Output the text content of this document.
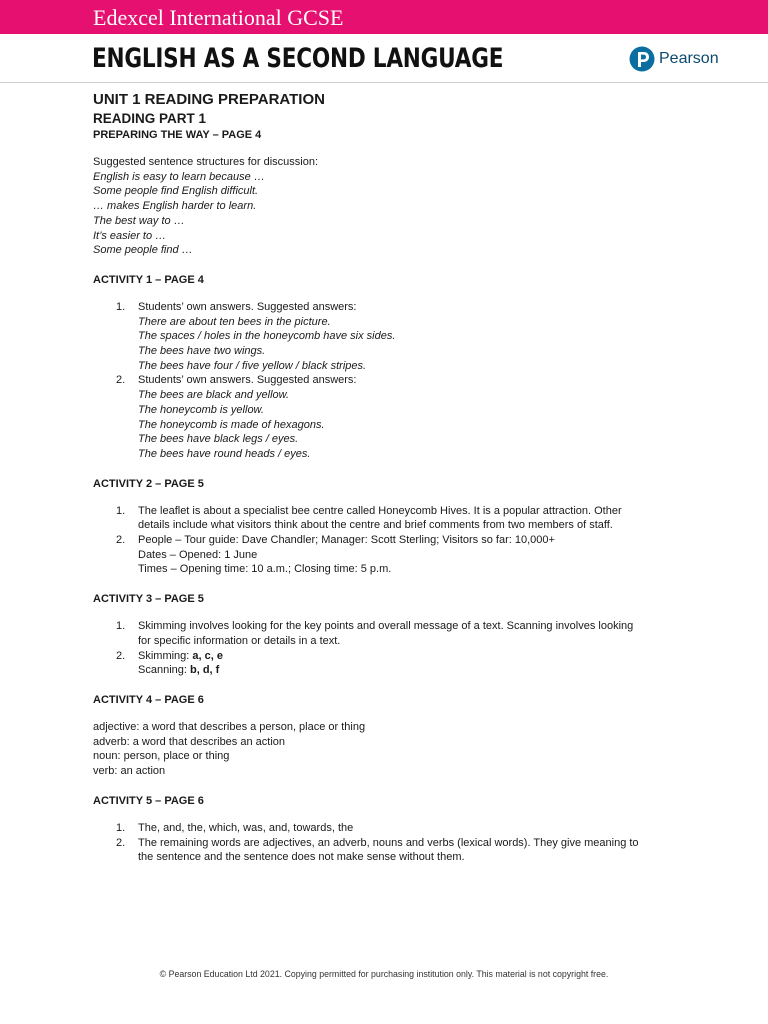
Edexcel International GCSE
ENGLISH AS A SECOND LANGUAGE	Pearson

UNIT 1 READING PREPARATION

READING PART 1

PREPARING THE WAY – PAGE 4

Suggested sentence structures for discussion:

English is easy to learn because …

Some people find English difficult.

… makes English harder to learn.

The best way to …

It’s easier to …

Some people find …

ACTIVITY 1 – PAGE 4

1. Students’ own answers. Suggested answers:

There are about ten bees in the picture.

The spaces / holes in the honeycomb have six sides.

The bees have two wings.

The bees have four / five yellow / black stripes.

2. Students’ own answers. Suggested answers:

The bees are black and yellow.

The honeycomb is yellow.

The honeycomb is made of hexagons.

The bees have black legs / eyes.

The bees have round heads / eyes.

ACTIVITY 2 – PAGE 5

1. The leaflet is about a specialist bee centre called Honeycomb Hives. It is a popular attraction. Other

details include what visitors think about the centre and brief comments from two members of staff.

2. People – Tour guide: Dave Chandler; Manager: Scott Sterling; Visitors so far: 10,000+

Dates – Opened: 1 June

Times – Opening time: 10 a.m.; Closing time: 5 p.m.

ACTIVITY 3 – PAGE 5

1. Skimming involves looking for the key points and overall message of a text. Scanning involves looking

for specific information or details in a text.

2. Skimming: a, c, e

Scanning: b, d, f

ACTIVITY 4 – PAGE 6

adjective: a word that describes a person, place or thing

adverb: a word that describes an action

noun: person, place or thing

verb: an action

ACTIVITY 5 – PAGE 6

1. The, and, the, which, was, and, towards, the

2. The remaining words are adjectives, an adverb, nouns and verbs (lexical words). They give meaning to

the sentence and the sentence does not make sense without them.

© Pearson Education Ltd 2021. Copying permitted for purchasing institution only. This material is not copyright free.
